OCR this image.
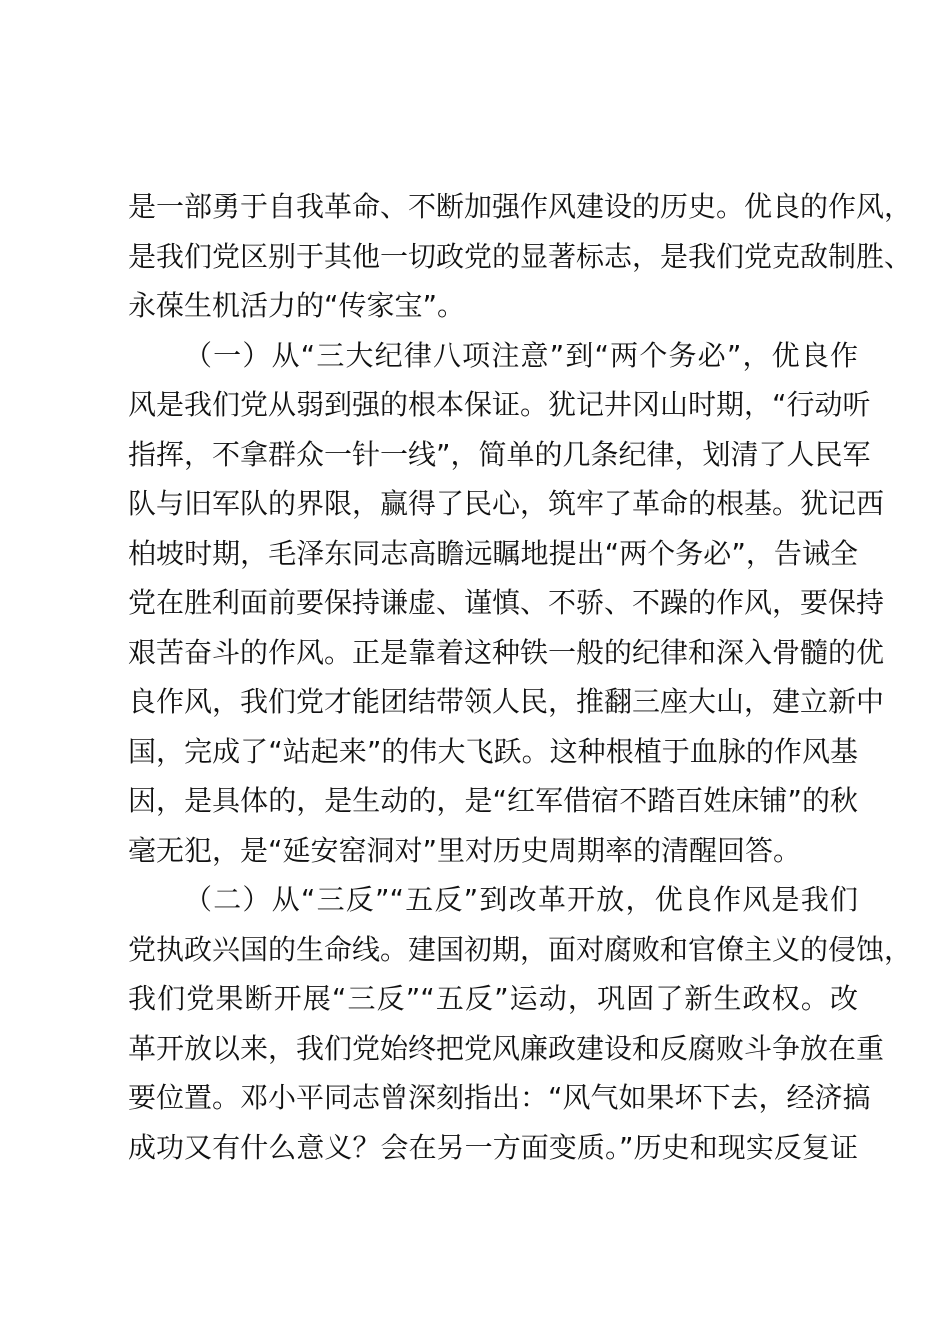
是一部勇于自我革命、不断加强作风建设的历史。优良的作风，
是我们党区别于其他一切政党的显著标志，是我们党克敌制胜、
永葆生机活力的“传家宝”。
（一）从“三大纪律八项注意”到“两个务必”，优良作
风是我们党从弱到强的根本保证。犹记井冈山时期，“行动听
指挥，不拿群众一针一线”，简单的几条纪律，划清了人民军
队与旧军队的界限，赢得了民心，筑牢了革命的根基。犹记西
柏坡时期，毛泽东同志高瞻远瞩地提出“两个务必”，告诫全
党在胜利面前要保持谦虚、谨慎、不骄、不躁的作风，要保持
艰苦奋斗的作风。正是靠着这种铁一般的纪律和深入骨髓的优
良作风，我们党才能团结带领人民，推翻三座大山，建立新中
国，完成了“站起来”的伟大飞跃。这种根植于血脉的作风基
因，是具体的，是生动的，是“红军借宿不踏百姓床铺”的秋
毫无犯，是“延安窑洞对”里对历史周期率的清醒回答。
（二）从“三反”“五反”到改革开放，优良作风是我们
党执政兴国的生命线。建国初期，面对腐败和官僚主义的侵蚀，
我们党果断开展“三反”“五反”运动，巩固了新生政权。改
革开放以来，我们党始终把党风廉政建设和反腐败斗争放在重
要位置。邓小平同志曾深刻指出：“风气如果坏下去，经济搞
成功又有什么意义？会在另一方面变质。”历史和现实反复证
